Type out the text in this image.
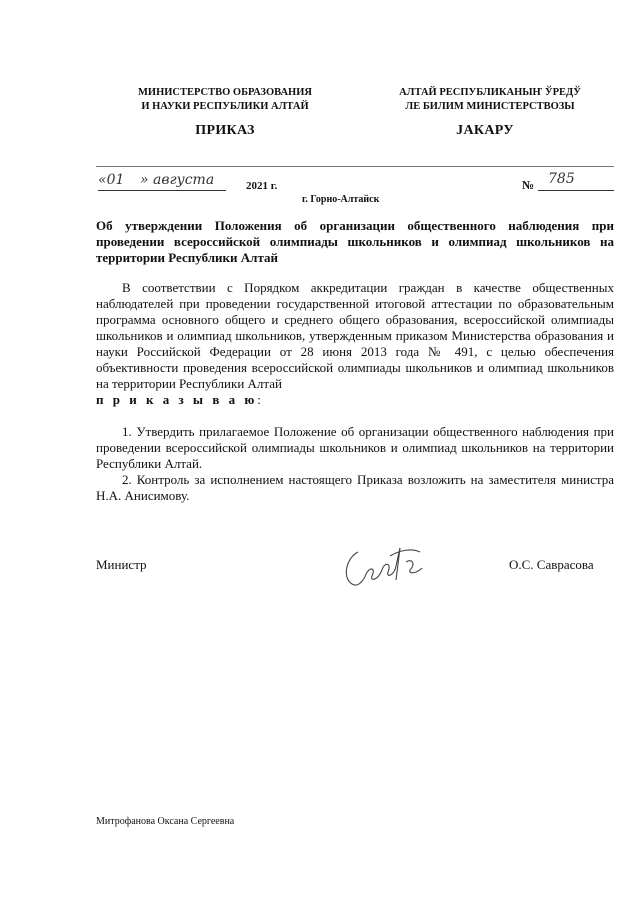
МИНИСТЕРСТВО ОБРАЗОВАНИЯ
И НАУКИ РЕСПУБЛИКИ АЛТАЙ
АЛТАЙ РЕСПУБЛИКАНЫҤ ЎРЕДЎ
ЛЕ БИЛИМ МИНИСТЕРСТВОЗЫ
ПРИКАЗ	JАКАРУ
«01 » августа	2021 г.	№ 785
г. Горно-Алтайск
Об утверждении Положения об организации общественного наблюдения при проведении всероссийской олимпиады школьников и олимпиад школьников на территории Республики Алтай
В соответствии с Порядком аккредитации граждан в качестве общественных наблюдателей при проведении государственной итоговой аттестации по образовательным программа основного общего и среднего общего образования, всероссийской олимпиады школьников и олимпиад школьников, утвержденным приказом Министерства образования и науки Российской Федерации от 28 июня 2013 года № 491, с целью обеспечения объективности проведения всероссийской олимпиады школьников и олимпиад школьников на территории Республики Алтай
п р и к а з ы в а ю:
1. Утвердить прилагаемое Положение об организации общественного наблюдения при проведении всероссийской олимпиады школьников и олимпиад школьников на территории Республики Алтай.
2. Контроль за исполнением настоящего Приказа возложить на заместителя министра Н.А. Анисимову.
Министр	О.С. Саврасова
Митрофанова Оксана Сергеевна
